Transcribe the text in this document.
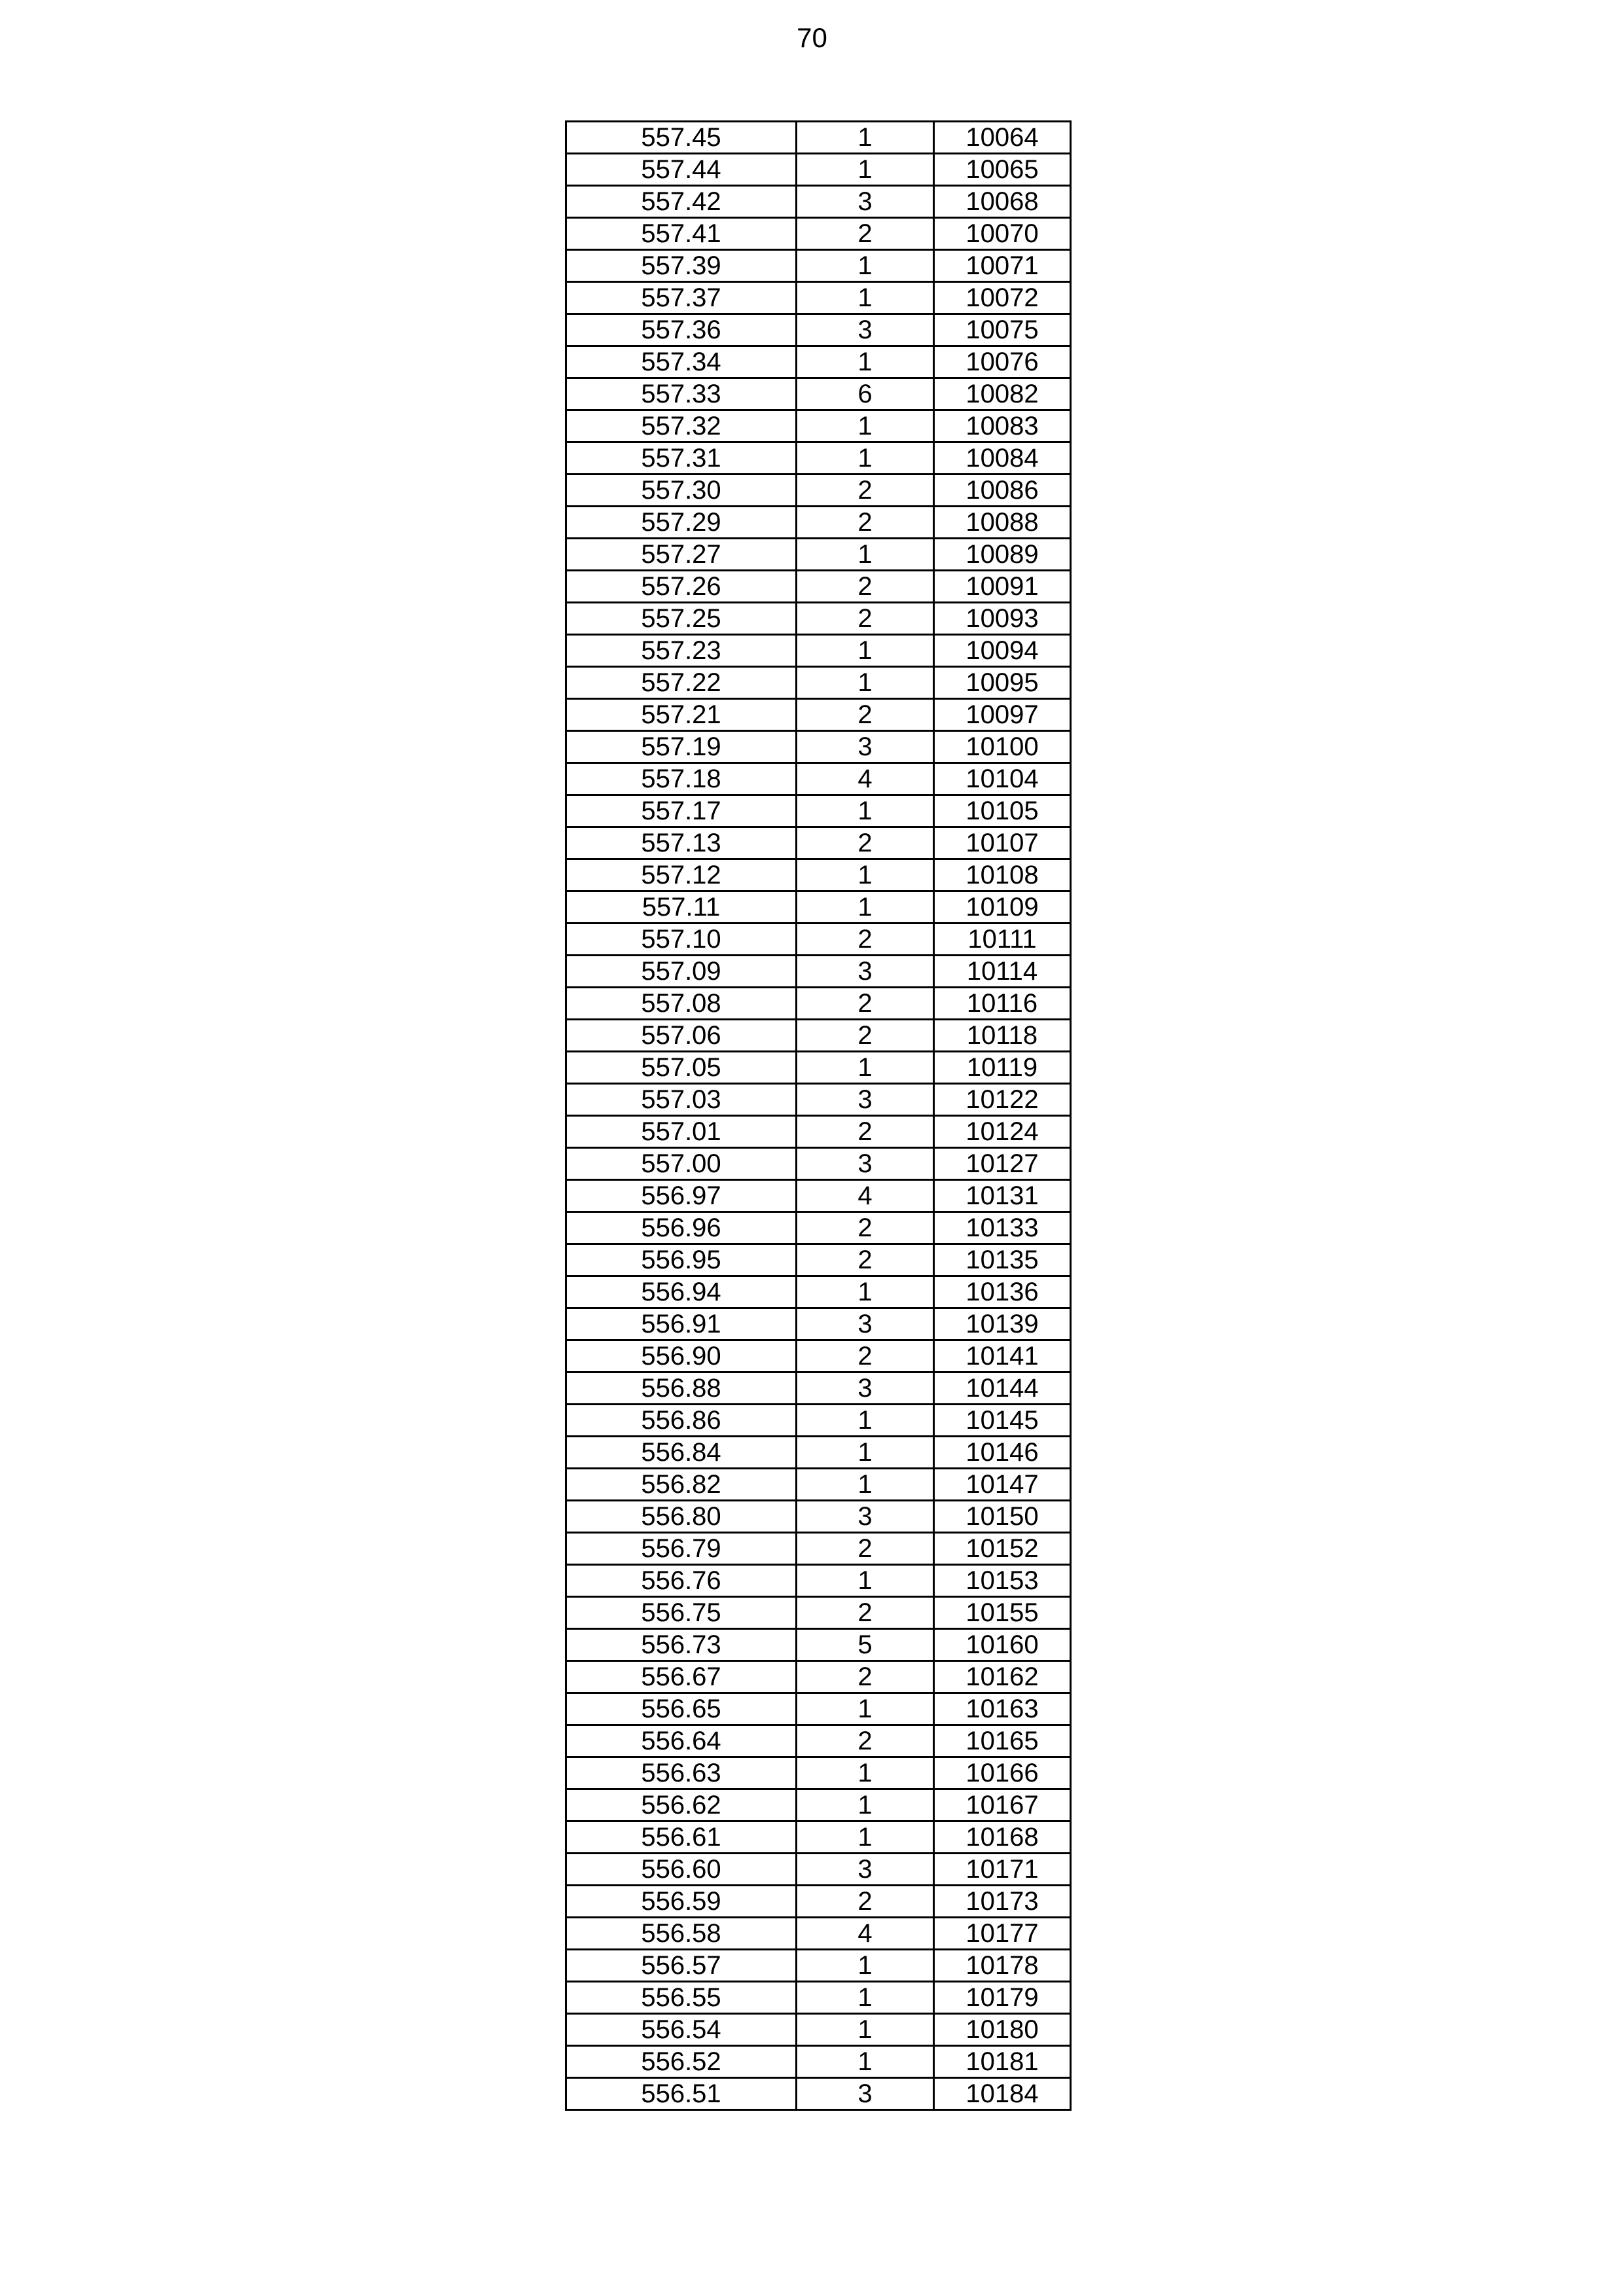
70
557.45	1	10064
557.44	1	10065
557.42	3	10068
557.41	2	10070
557.39	1	10071
557.37	1	10072
557.36	3	10075
557.34	1	10076
557.33	6	10082
557.32	1	10083
557.31	1	10084
557.30	2	10086
557.29	2	10088
557.27	1	10089
557.26	2	10091
557.25	2	10093
557.23	1	10094
557.22	1	10095
557.21	2	10097
557.19	3	10100
557.18	4	10104
557.17	1	10105
557.13	2	10107
557.12	1	10108
557.11	1	10109
557.10	2	10111
557.09	3	10114
557.08	2	10116
557.06	2	10118
557.05	1	10119
557.03	3	10122
557.01	2	10124
557.00	3	10127
556.97	4	10131
556.96	2	10133
556.95	2	10135
556.94	1	10136
556.91	3	10139
556.90	2	10141
556.88	3	10144
556.86	1	10145
556.84	1	10146
556.82	1	10147
556.80	3	10150
556.79	2	10152
556.76	1	10153
556.75	2	10155
556.73	5	10160
556.67	2	10162
556.65	1	10163
556.64	2	10165
556.63	1	10166
556.62	1	10167
556.61	1	10168
556.60	3	10171
556.59	2	10173
556.58	4	10177
556.57	1	10178
556.55	1	10179
556.54	1	10180
556.52	1	10181
556.51	3	10184
